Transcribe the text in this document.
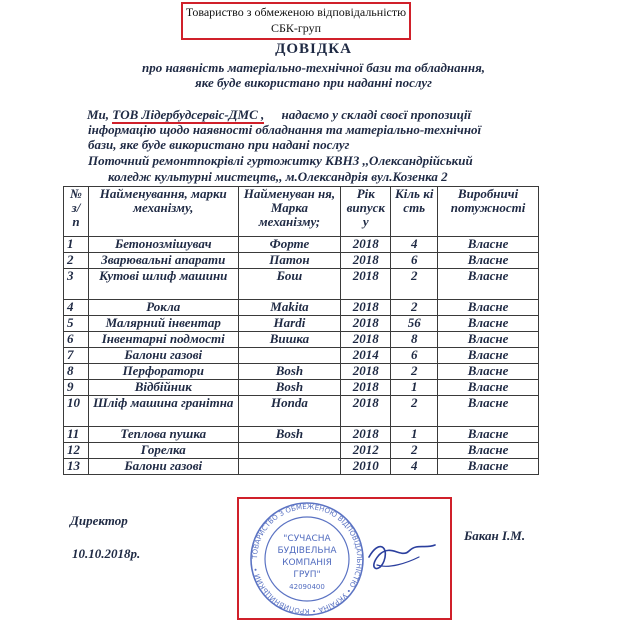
Товариство з обмеженою відповідальністю
СБК-груп
ДОВІДКА
про наявність матеріально-технічної бази та обладнання,
яке буде використано при наданні послуг
Ми, ТОВ Лідербудсервіс-ДМС , надаємо у складі своєї пропозиції
інформацію щодо наявності обладнання та матеріально-технічної
бази, яке буде використано при надані послуг
Поточний ремонтпокрівлі гуртожитку КВНЗ ,,Олександрійський
коледж культурні мистецтв,, м.Олександрія вул.Козенка 2
№ з/ п	Найменування, марки механізму,	Найменуван ня, Марка механізму;	Рік випуск у	Кіль кі сть	Виробничі потужності
1	Бетонозмішувач	Форте	2018	4	Власне
2	Зварювальні апарати	Патон	2018	6	Власне
3	Кутові шлиф машини	Бош	2018	2	Власне
4	Рокла	Makita	2018	2	Власне
5	Малярний інвентар	Hardi	2018	56	Власне
6	Інвентарні подмості	Вишка	2018	8	Власне
7	Балони газові		2014	6	Власне
8	Перфоратори	Bosh	2018	2	Власне
9	Відбійник	Bosh	2018	1	Власне
10	Шліф машина гранітна	Honda	2018	2	Власне
11	Теплова пушка	Bosh	2018	1	Власне
12	Горелка		2012	2	Власне
13	Балони газові		2010	4	Власне
Директор
10.10.2018р.
Бакан І.М.
ТОВАРИСТВО З ОБМЕЖЕНОЮ ВІДПОВІДАЛЬНІСТЮ • УКРАЇНА • КРОПИВНИЦЬКИЙ •
"СУЧАСНА
БУДІВЕЛЬНА
КОМПАНІЯ
ГРУП"
42090400
